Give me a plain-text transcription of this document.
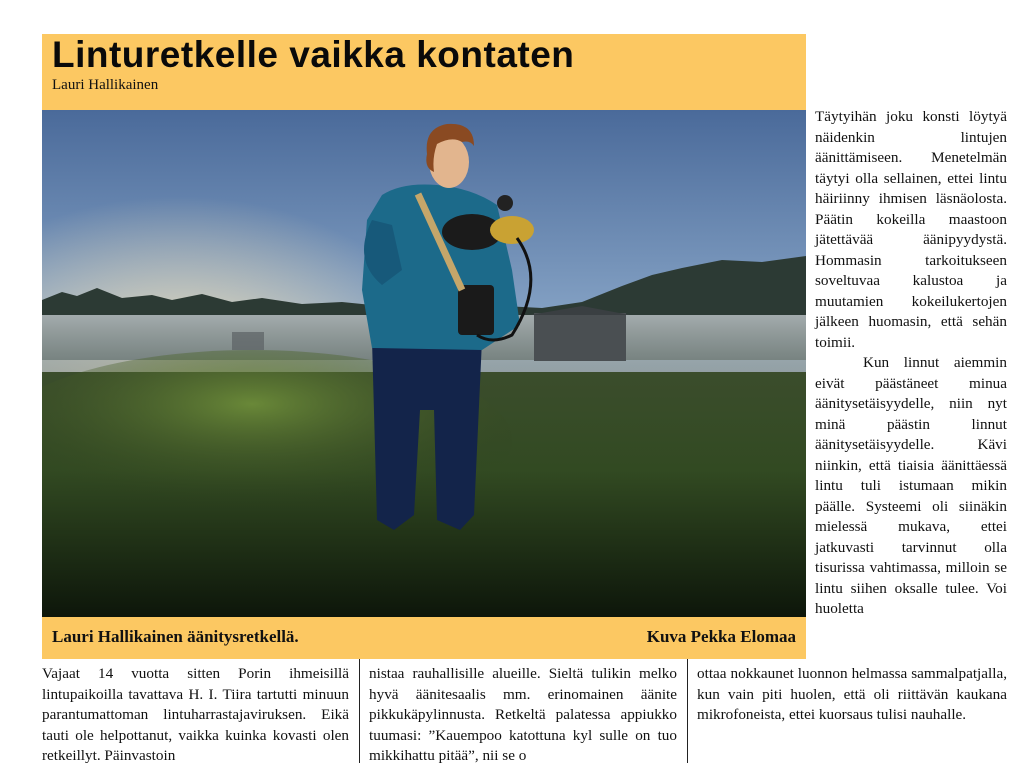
Linturetkelle vaikka kontaten
Lauri Hallikainen
Lauri Hallikainen äänitysretkellä.	Kuva Pekka Elomaa

Täytyihän joku konsti löytyä näidenkin lintujen äänittämiseen. Menetelmän täytyi olla sellainen, ettei lintu häiriinny ihmisen läsnäolosta. Päätin kokeilla maastoon jätettävää äänipyydystä. Hommasin tarkoitukseen soveltuvaa kalustoa ja muutamien kokeilukertojen jälkeen huomasin, että sehän toimii.

Kun linnut aiemmin eivät päästäneet minua äänitysetäisyydelle, niin nyt minä päästin linnut äänitysetäisyydelle. Kävi niinkin, että tiaisia äänittäessä lintu tuli istumaan mikin päälle. Systeemi oli siinäkin mielessä mukava, ettei jatkuvasti tarvinnut olla tisurissa vahtimassa, milloin se lintu siihen oksalle tulee. Voi huoletta

Vajaat 14 vuotta sitten Porin ihmeisillä lintupaikoilla tavattava H. I. Tiira tartutti minuun parantumattoman lintuharrastajaviruksen. Eikä tauti ole helpottanut, vaikka kuinka kovasti olen retkeillyt. Päinvastoin

nistaa rauhallisille alueille. Sieltä tulikin melko hyvä äänitesaalis mm. erinomainen äänite pikkukäpylinnusta. Retkeltä palatessa appiukko tuumasi: ”Kauempoo katottuna kyl sulle on tuo mikkihattu pitää”, nii se o

ottaa nokkaunet luonnon helmassa sammalpatjalla, kun vain piti huolen, että oli riittävän kaukana mikrofoneista, ettei kuorsaus tulisi nauhalle.
